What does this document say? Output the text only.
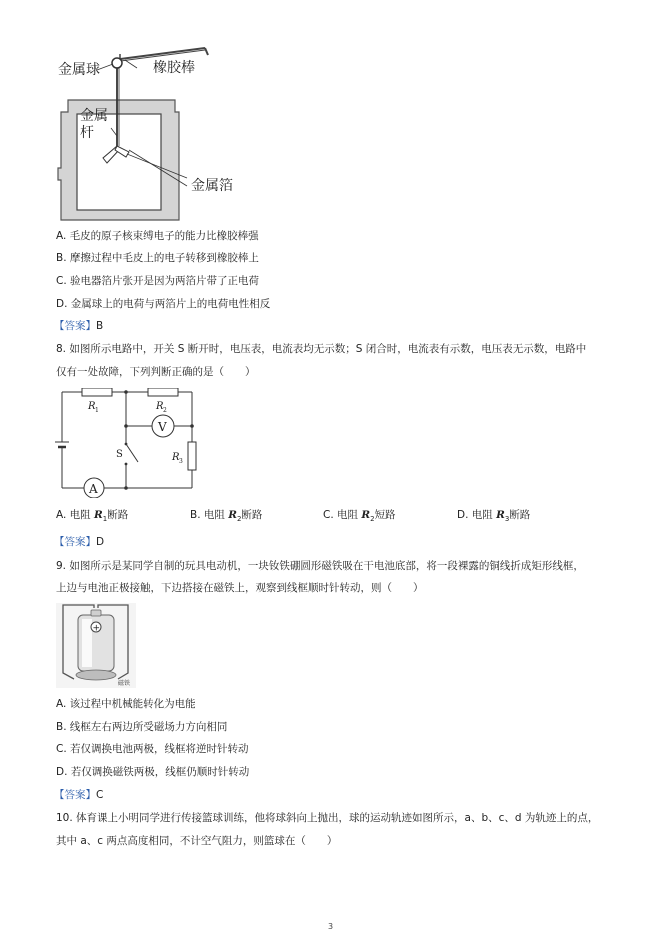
金属球	橡胶棒
金属
杆
金属箔
A. 毛皮的原子核束缚电子的能力比橡胶棒强
B. 摩擦过程中毛皮上的电子转移到橡胶棒上
C. 验电器箔片张开是因为两箔片带了正电荷
D. 金属球上的电荷与两箔片上的电荷电性相反
【答案】B
8. 如图所示电路中，开关 S 断开时，电压表，电流表均无示数；S 闭合时，电流表有示数，电压表无示数，电路中
仅有一处故障，下列判断正确的是（　　）
V
A
R 1	R 2
R 3
S
A. 电阻 $R_1$断路	B. 电阻 $R_2$断路	C. 电阻 $R_2$短路	D. 电阻 $R_3$断路
【答案】D
9. 如图所示是某同学自制的玩具电动机，一块钕铁硼圆形磁铁吸在干电池底部，将一段裸露的铜线折成矩形线框，
上边与电池正极接触，下边搭接在磁铁上，观察到线框顺时针转动，则（　　）
+
磁铁
A. 该过程中机械能转化为电能
B. 线框左右两边所受磁场力方向相同
C. 若仅调换电池两极，线框将逆时针转动
D. 若仅调换磁铁两极，线框仍顺时针转动
【答案】C
10. 体育课上小明同学进行传接篮球训练，他将球斜向上抛出，球的运动轨迹如图所示，a、b、c、d 为轨迹上的点，
其中 a、c 两点高度相同，不计空气阻力，则篮球在（　　）
3
